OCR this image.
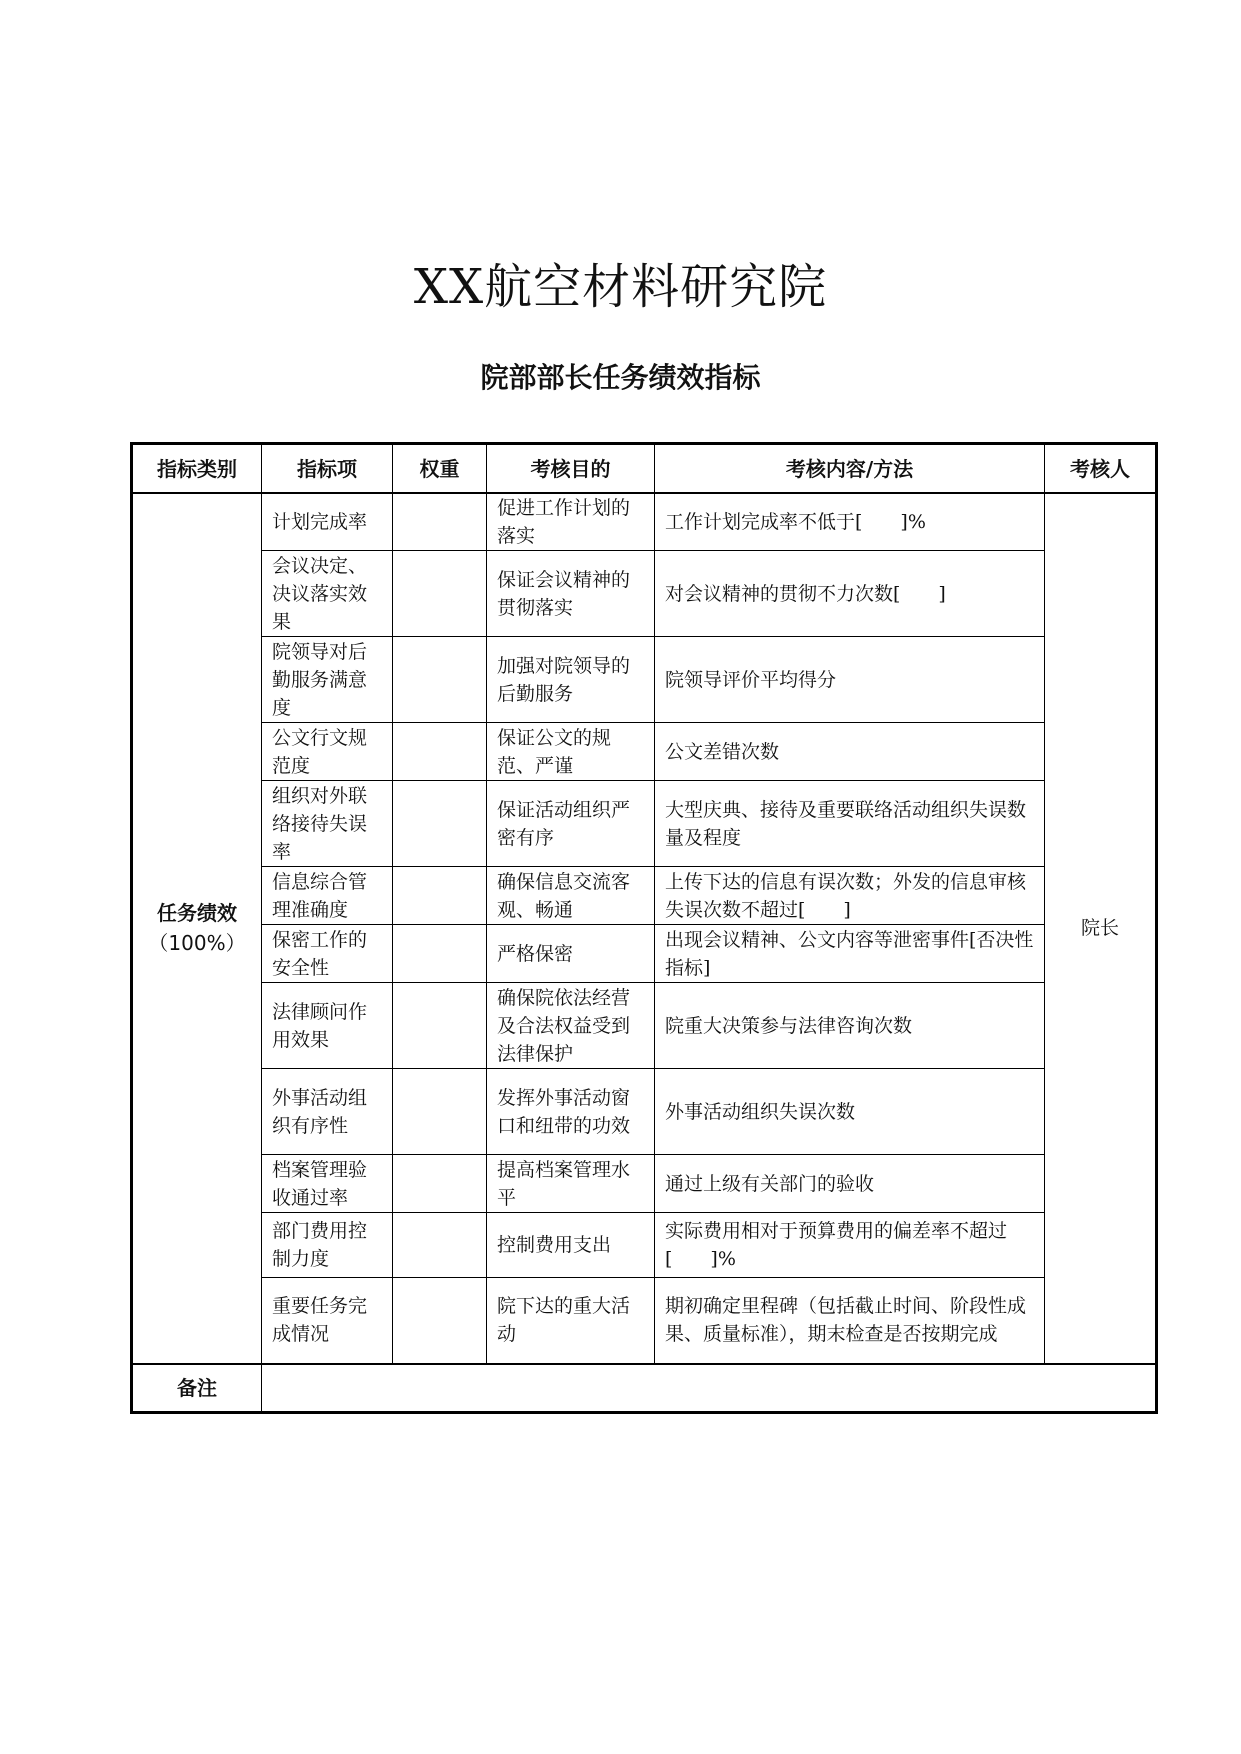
XX航空材料研究院
院部部长任务绩效指标
指标类别	指标项	权重	考核目的	考核内容/方法	考核人

任务绩效
（100%）	计划完成率		促进工作计划的落实	工作计划完成率不低于[　　]%	院长
	会议决定、决议落实效果		保证会议精神的贯彻落实	对会议精神的贯彻不力次数[　　]	
	院领导对后勤服务满意度		加强对院领导的后勤服务	院领导评价平均得分	
	公文行文规范度		保证公文的规范、严谨	公文差错次数	
	组织对外联络接待失误率		保证活动组织严密有序	大型庆典、接待及重要联络活动组织失误数量及程度	
	信息综合管理准确度		确保信息交流客观、畅通	上传下达的信息有误次数；外发的信息审核失误次数不超过[　　]	
	保密工作的安全性		严格保密	出现会议精神、公文内容等泄密事件[否决性指标]	
	法律顾问作用效果		确保院依法经营及合法权益受到法律保护	院重大决策参与法律咨询次数	
	外事活动组织有序性		发挥外事活动窗口和纽带的功效	外事活动组织失误次数	
	档案管理验收通过率		提高档案管理水平	通过上级有关部门的验收	
	部门费用控制力度		控制费用支出	实际费用相对于预算费用的偏差率不超过[　　]%	
	重要任务完成情况		院下达的重大活动	期初确定里程碑（包括截止时间、阶段性成果、质量标准），期末检查是否按期完成	
备注					
